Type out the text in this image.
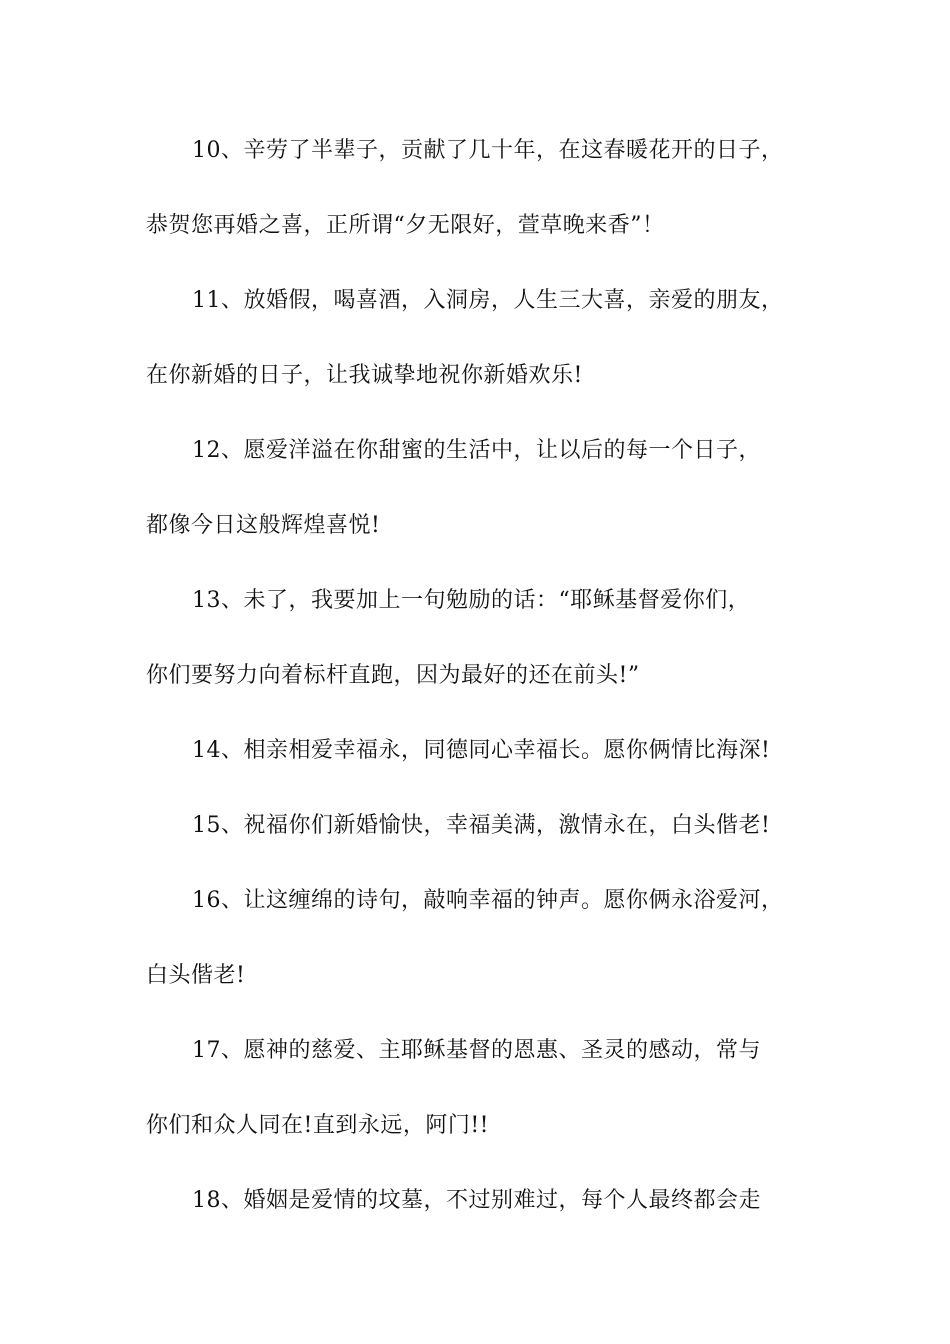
10、辛劳了半辈子，贡献了几十年，在这春暖花开的日子，
恭贺您再婚之喜，正所谓“夕无限好，萱草晚来香”！
11、放婚假，喝喜酒，入洞房，人生三大喜，亲爱的朋友，
在你新婚的日子，让我诚挚地祝你新婚欢乐!
12、愿爱洋溢在你甜蜜的生活中，让以后的每一个日子，
都像今日这般辉煌喜悦!
13、未了，我要加上一句勉励的话：“耶稣基督爱你们，
你们要努力向着标杆直跑，因为最好的还在前头!”
14、相亲相爱幸福永，同德同心幸福长。愿你俩情比海深!
15、祝福你们新婚愉快，幸福美满，激情永在，白头偕老!
16、让这缠绵的诗句，敲响幸福的钟声。愿你俩永浴爱河，
白头偕老!
17、愿神的慈爱、主耶稣基督的恩惠、圣灵的感动，常与
你们和众人同在!直到永远，阿门!!
18、婚姻是爱情的坟墓，不过别难过，每个人最终都会走
